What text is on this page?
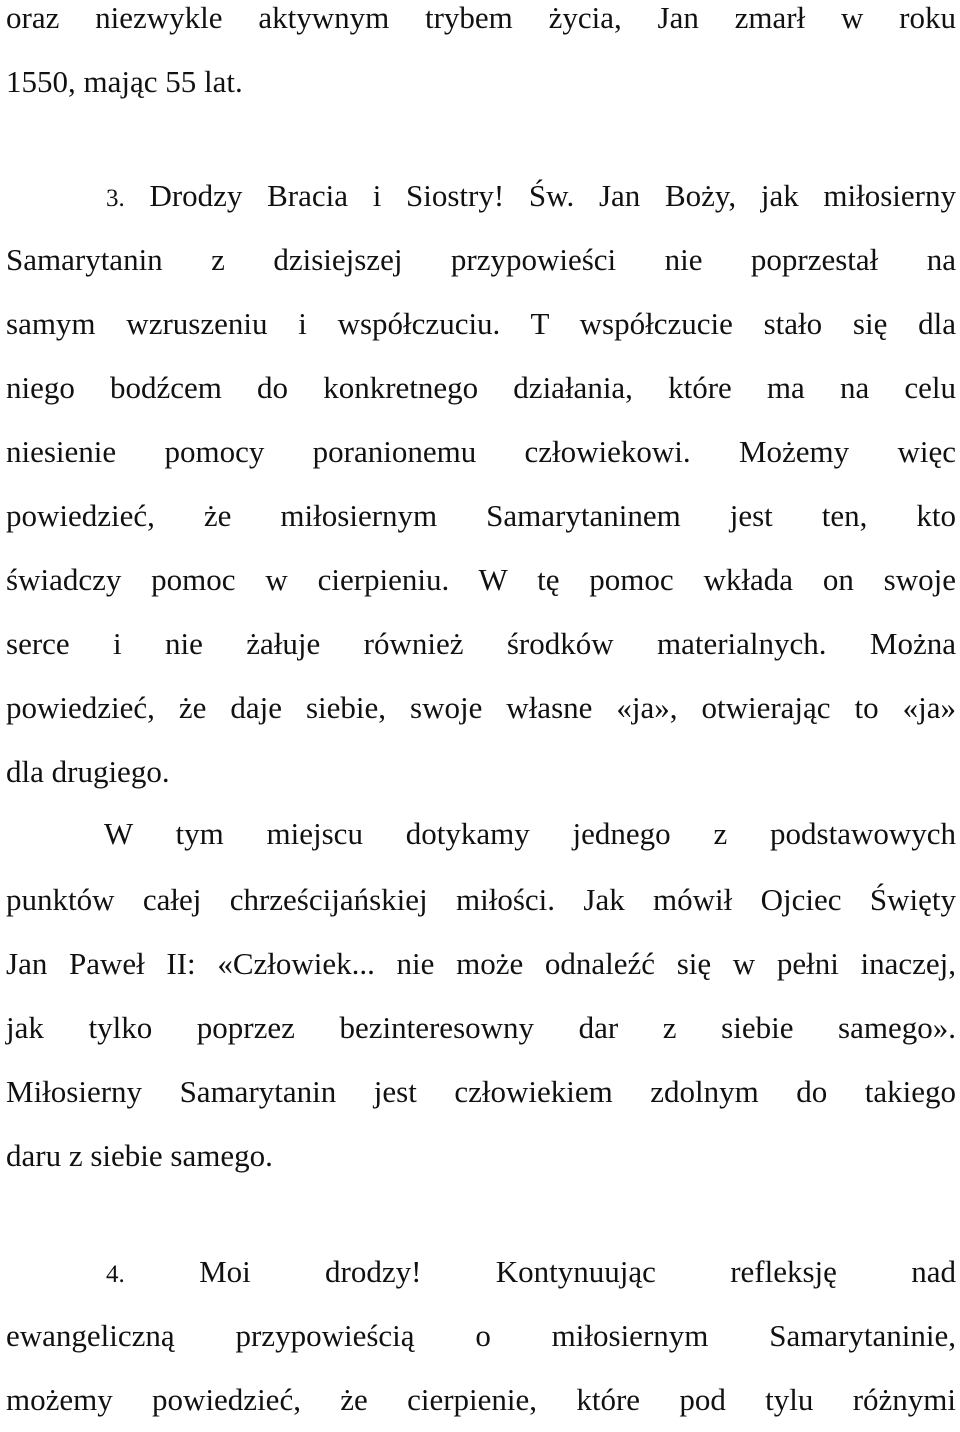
oraz niezwykle aktywnym trybem życia, Jan zmarł w roku
1550, mając 55 lat.
3. Drodzy Bracia i Siostry! Św. Jan Boży, jak miłosierny
Samarytanin z dzisiejszej przypowieści nie poprzestał na
samym wzruszeniu i współczuciu. T współczucie stało się dla
niego bodźcem do konkretnego działania, które ma na celu
niesienie pomocy poranionemu człowiekowi. Możemy więc
powiedzieć, że miłosiernym Samarytaninem jest ten, kto
świadczy pomoc w cierpieniu. W tę pomoc wkłada on swoje
serce i nie żałuje również środków materialnych. Można
powiedzieć, że daje siebie, swoje własne «ja», otwierając to «ja»
dla drugiego.
W tym miejscu dotykamy jednego z podstawowych
punktów całej chrześcijańskiej miłości. Jak mówił Ojciec Święty
Jan Paweł II: «Człowiek... nie może odnaleźć się w pełni inaczej,
jak tylko poprzez bezinteresowny dar z siebie samego».
Miłosierny Samarytanin jest człowiekiem zdolnym do takiego
daru z siebie samego.
4. Moi drodzy! Kontynuując refleksję nad
ewangeliczną przypowieścią o miłosiernym Samarytaninie,
możemy powiedzieć, że cierpienie, które pod tylu różnymi
